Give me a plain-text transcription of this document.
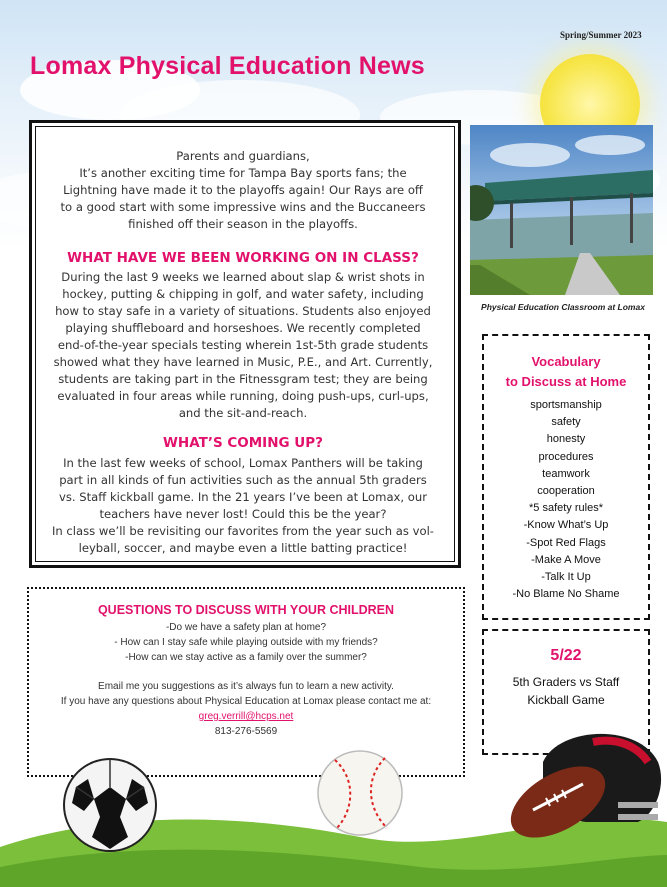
Spring/Summer 2023
Lomax Physical Education News
Parents and guardians,
It’s another exciting time for Tampa Bay sports fans; the
Lightning have made it to the playoffs again! Our Rays are off
to a good start with some impressive wins and the Buccaneers
finished off their season in the playoffs.
WHAT HAVE WE BEEN WORKING ON IN CLASS?
During the last 9 weeks we learned about slap & wrist shots in
hockey, putting & chipping in golf, and water safety, including
how to stay safe in a variety of situations. Students also enjoyed
playing shuffleboard and horseshoes. We recently completed
end-of-the-year specials testing wherein 1st-5th grade students
showed what they have learned in Music, P.E., and Art. Currently,
students are taking part in the Fitnessgram test; they are being
evaluated in four areas while running, doing push-ups, curl-ups,
and the sit-and-reach.
WHAT’S COMING UP?
In the last few weeks of school, Lomax Panthers will be taking
part in all kinds of fun activities such as the annual 5th graders
vs. Staff kickball game. In the 21 years I’ve been at Lomax, our
teachers have never lost! Could this be the year?
In class we’ll be revisiting our favorites from the year such as vol-
leyball, soccer, and maybe even a little batting practice!
Physical Education Classroom at Lomax
Vocabulary
to Discuss at Home
sportsmanship
safety
honesty
procedures
teamwork
cooperation
*5 safety rules*
-Know What’s Up
-Spot Red Flags
-Make A Move
-Talk It Up
-No Blame No Shame
5/22
5th Graders vs Staff
Kickball Game
QUESTIONS TO DISCUSS WITH YOUR CHILDREN
-Do we have a safety plan at home?
- How can I stay safe while playing outside with my friends?
-How can we stay active as a family over the summer?
Email me you suggestions as it’s always fun to learn a new activity.
If you have any questions about Physical Education at Lomax please contact me at:
greg.verrill@hcps.net
813-276-5569
